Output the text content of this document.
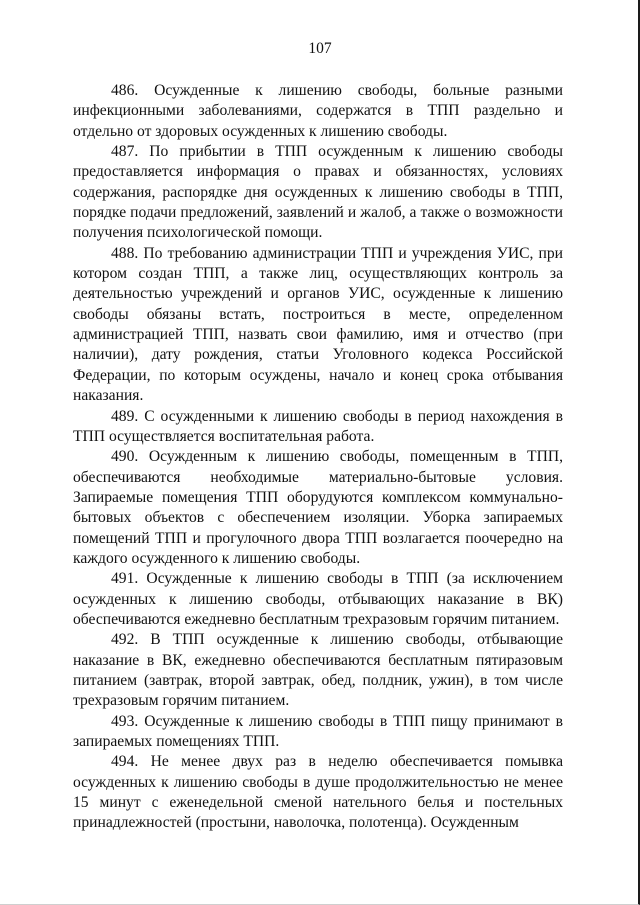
107

486. Осужденные к лишению свободы, больные разными инфекционными заболеваниями, содержатся в ТПП раздельно и отдельно от здоровых осужденных к лишению свободы.

487. По прибытии в ТПП осужденным к лишению свободы предоставляется информация о правах и обязанностях, условиях содержания, распорядке дня осужденных к лишению свободы в ТПП, порядке подачи предложений, заявлений и жалоб, а также о возможности получения психологической помощи.

488. По требованию администрации ТПП и учреждения УИС, при котором создан ТПП, а также лиц, осуществляющих контроль за деятельностью учреждений и органов УИС, осужденные к лишению свободы обязаны встать, построиться в месте, определенном администрацией ТПП, назвать свои фамилию, имя и отчество (при наличии), дату рождения, статьи Уголовного кодекса Российской Федерации, по которым осуждены, начало и конец срока отбывания наказания.

489. С осужденными к лишению свободы в период нахождения в ТПП осуществляется воспитательная работа.

490. Осужденным к лишению свободы, помещенным в ТПП, обеспечиваются необходимые материально-бытовые условия. Запираемые помещения ТПП оборудуются комплексом коммунально-бытовых объектов с обеспечением изоляции. Уборка запираемых помещений ТПП и прогулочного двора ТПП возлагается поочередно на каждого осужденного к лишению свободы.

491. Осужденные к лишению свободы в ТПП (за исключением осужденных к лишению свободы, отбывающих наказание в ВК) обеспечиваются ежедневно бесплатным трехразовым горячим питанием.

492. В ТПП осужденные к лишению свободы, отбывающие наказание в ВК, ежедневно обеспечиваются бесплатным пятиразовым питанием (завтрак, второй завтрак, обед, полдник, ужин), в том числе трехразовым горячим питанием.

493. Осужденные к лишению свободы в ТПП пищу принимают в запираемых помещениях ТПП.

494. Не менее двух раз в неделю обеспечивается помывка осужденных к лишению свободы в душе продолжительностью не менее 15 минут с еженедельной сменой нательного белья и постельных принадлежностей (простыни, наволочка, полотенца). Осужденным
